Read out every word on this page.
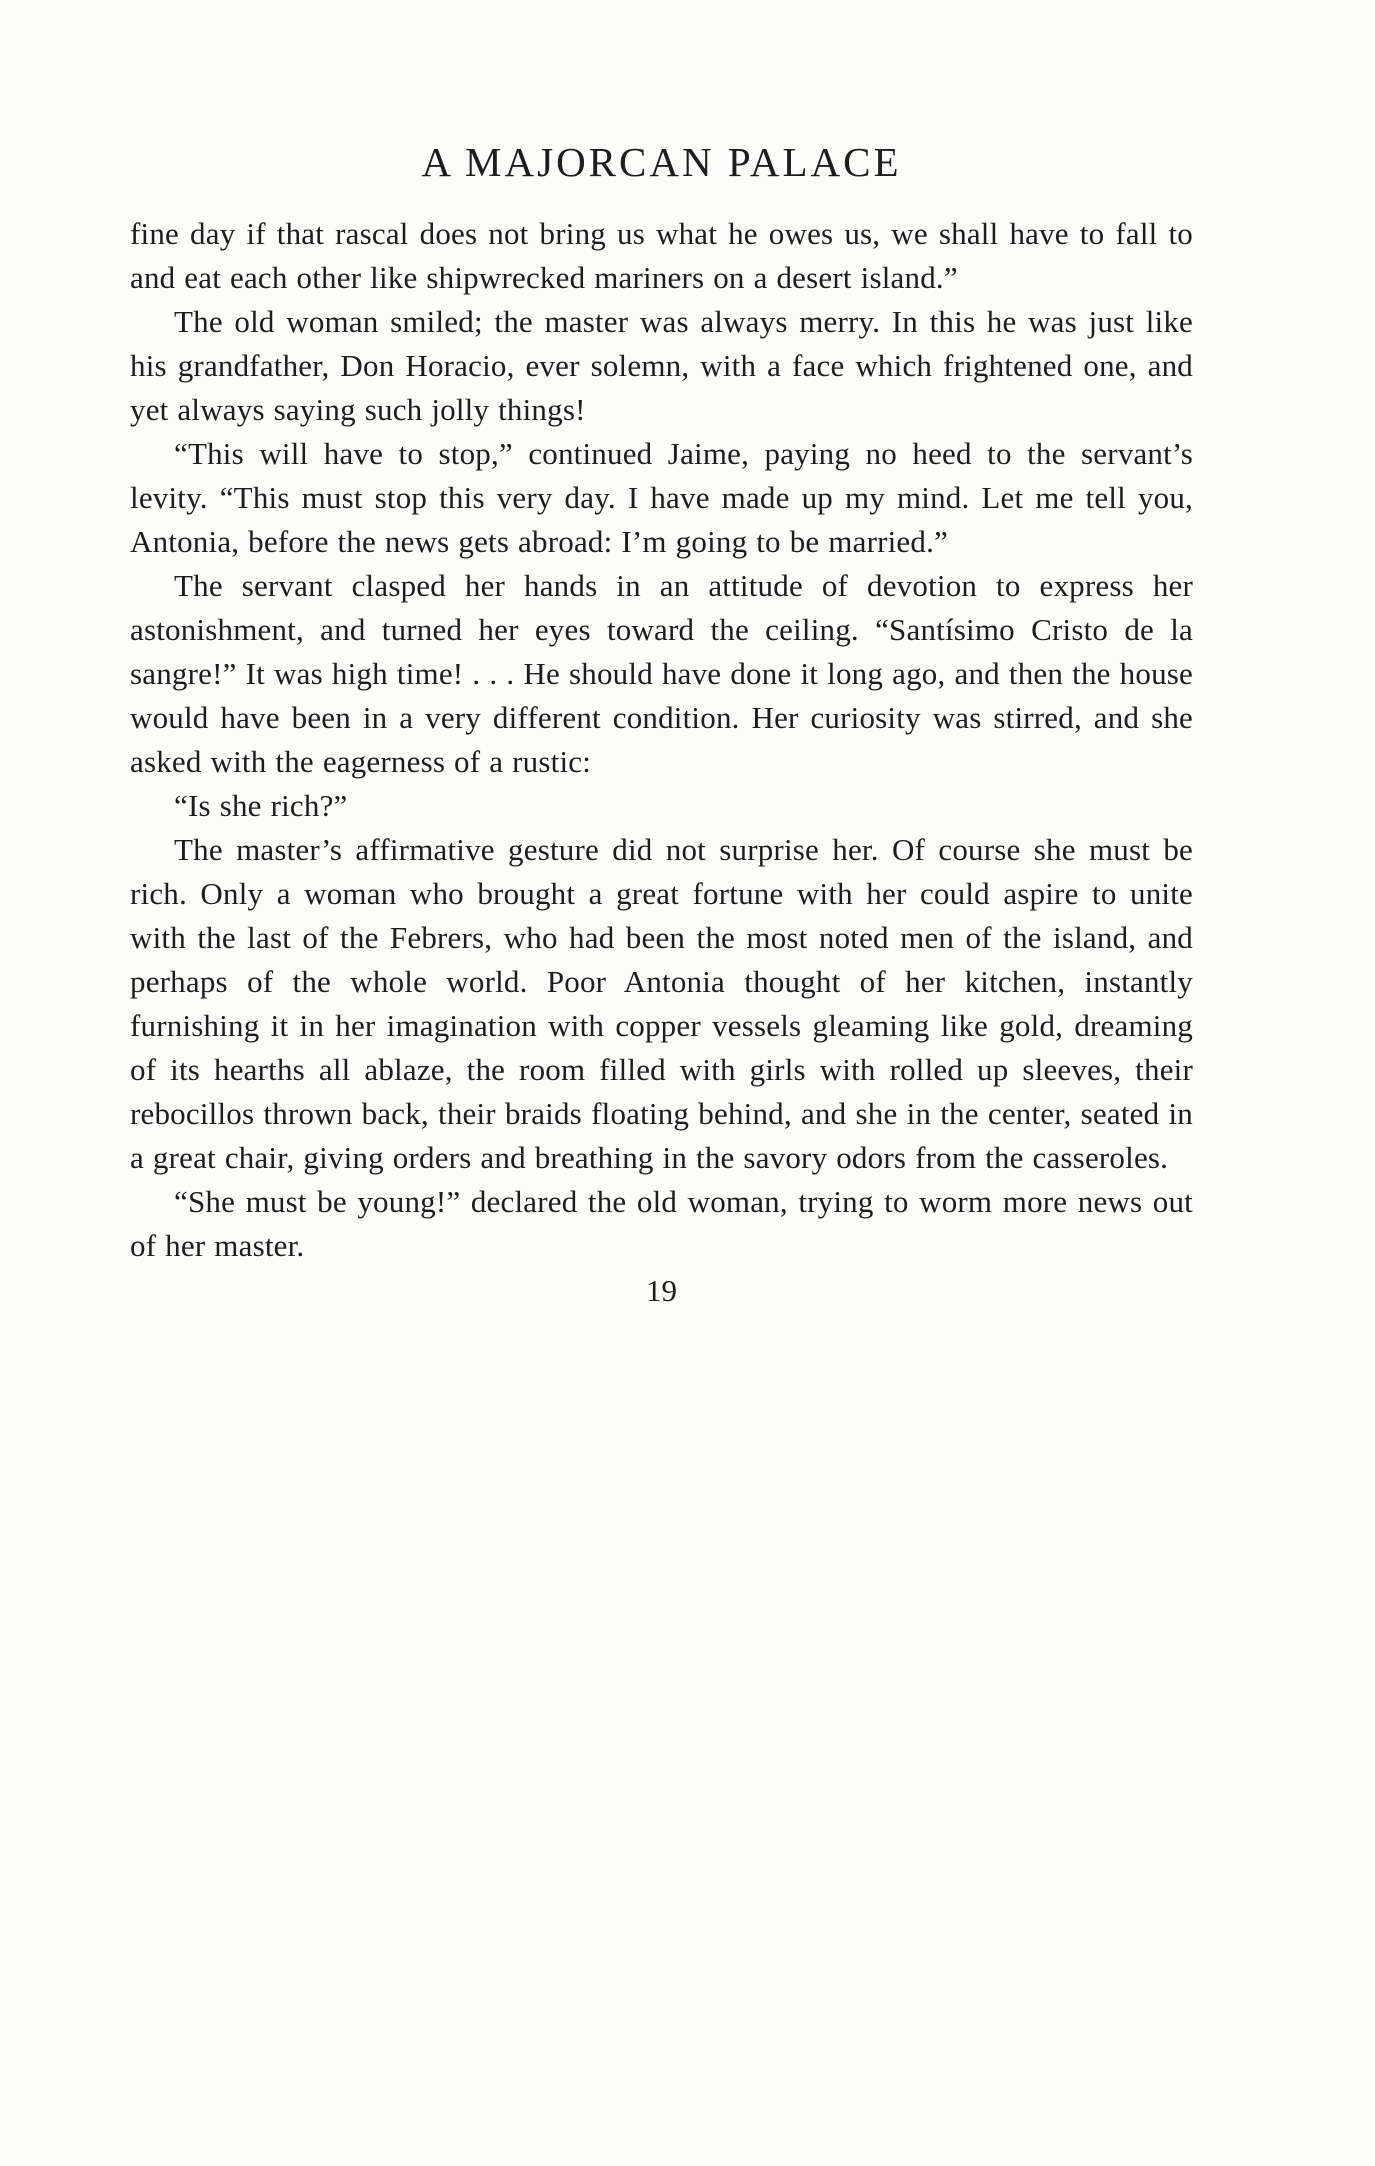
A MAJORCAN PALACE

fine day if that rascal does not bring us what he owes us, we shall have to fall to and eat each other like shipwrecked mariners on a desert island.”

The old woman smiled; the master was always merry. In this he was just like his grandfather, Don Horacio, ever solemn, with a face which frightened one, and yet always saying such jolly things!

“This will have to stop,” continued Jaime, paying no heed to the servant’s levity. “This must stop this very day. I have made up my mind. Let me tell you, Antonia, before the news gets abroad: I’m going to be married.”

The servant clasped her hands in an attitude of devotion to express her astonishment, and turned her eyes toward the ceiling. “Santísimo Cristo de la sangre!” It was high time! . . . He should have done it long ago, and then the house would have been in a very different condition. Her curiosity was stirred, and she asked with the eagerness of a rustic:

“Is she rich?”

The master’s affirmative gesture did not surprise her. Of course she must be rich. Only a woman who brought a great fortune with her could aspire to unite with the last of the Febrers, who had been the most noted men of the island, and perhaps of the whole world. Poor Antonia thought of her kitchen, instantly furnishing it in her imagination with copper vessels gleaming like gold, dreaming of its hearths all ablaze, the room filled with girls with rolled up sleeves, their rebocillos thrown back, their braids floating behind, and she in the center, seated in a great chair, giving orders and breathing in the savory odors from the casseroles.

“She must be young!” declared the old woman, trying to worm more news out of her master.

19
